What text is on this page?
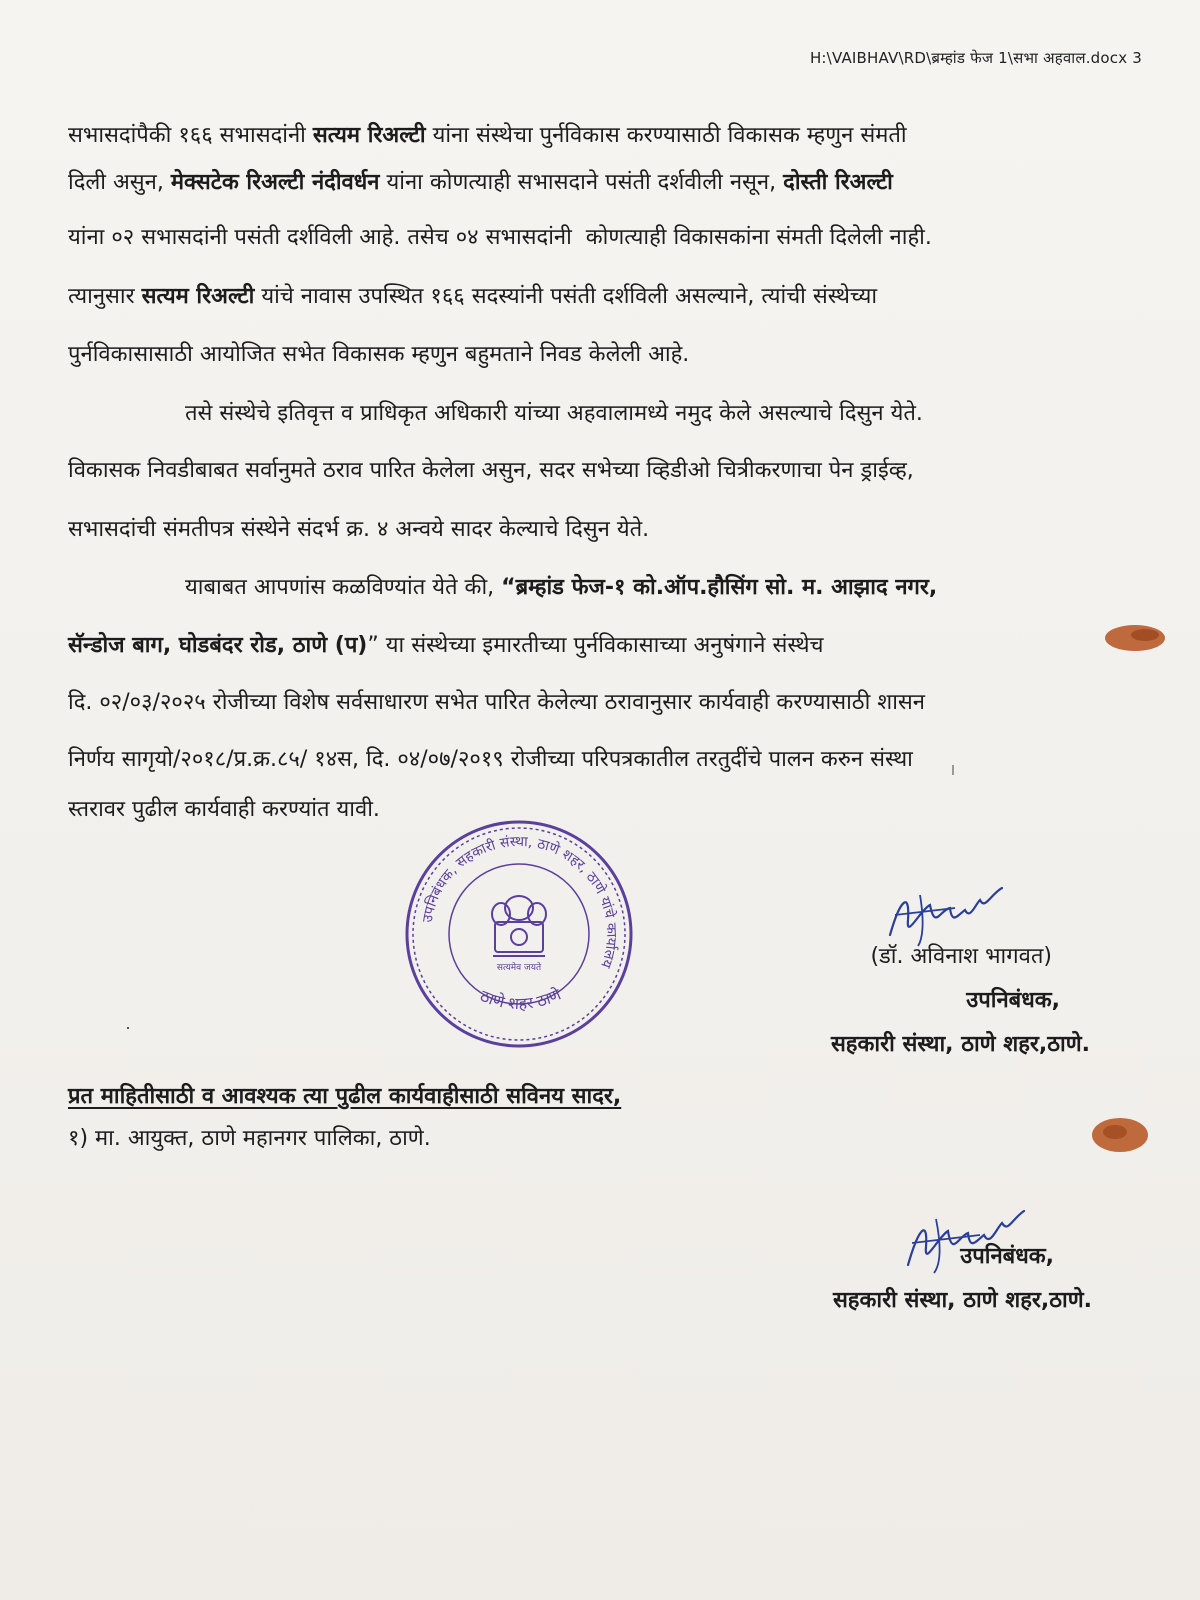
H:\VAIBHAV\RD\ब्रम्हांड फेज 1\सभा अहवाल.docx 3
सभासदांपैकी १६६ सभासदांनी सत्यम रिअल्टी यांना संस्थेचा पुर्नविकास करण्यासाठी विकासक म्हणुन संमती
दिली असुन, मेक्सटेक रिअल्टी नंदीवर्धन यांना कोणत्याही सभासदाने पसंती दर्शवीली नसून, दोस्ती रिअल्टी
यांना ०२ सभासदांनी पसंती दर्शविली आहे. तसेच ०४ सभासदांनी  कोणत्याही विकासकांना संमती दिलेली नाही.
त्यानुसार सत्यम रिअल्टी यांचे नावास उपस्थित १६६ सदस्यांनी पसंती दर्शविली असल्याने, त्यांची संस्थेच्या
पुर्नविकासासाठी आयोजित सभेत विकासक म्हणुन बहुमताने निवड केलेली आहे.
तसे संस्थेचे इतिवृत्त व प्राधिकृत अधिकारी यांच्या अहवालामध्ये नमुद केले असल्याचे दिसुन येते.
विकासक निवडीबाबत सर्वानुमते ठराव पारित केलेला असुन, सदर सभेच्या व्हिडीओ चित्रीकरणाचा पेन ड्राईव्ह,
सभासदांची संमतीपत्र संस्थेने संदर्भ क्र. ४ अन्वये सादर केल्याचे दिसुन येते.
याबाबत आपणांस कळविण्यांत येते की, “ब्रम्हांड फेज-१ को.ऑप.हौसिंग सो. म. आझाद नगर,
सॅन्डोज बाग, घोडबंदर रोड, ठाणे (प)” या संस्थेच्या इमारतीच्या पुर्नविकासाच्या अनुषंगाने संस्थेच
दि. ०२/०३/२०२५ रोजीच्या विशेष सर्वसाधारण सभेत पारित केलेल्या ठरावानुसार कार्यवाही करण्यासाठी शासन
निर्णय सागृयो/२०१८/प्र.क्र.८५/ १४स, दि. ०४/०७/२०१९ रोजीच्या परिपत्रकातील तरतुदींचे पालन करुन संस्था
स्तरावर पुढील कार्यवाही करण्यांत यावी.
उपनिबंधक, सहकारी संस्था, ठाणे शहर, ठाणे यांचे कार्यालय
ठाणे शहर ठाणे
सत्यमेव जयते	(डॉ. अविनाश भागवत)
उपनिबंधक,
सहकारी संस्था, ठाणे शहर,ठाणे.
प्रत माहितीसाठी व आवश्यक त्या पुढील कार्यवाहीसाठी सविनय सादर,
१) मा. आयुक्त, ठाणे महानगर पालिका, ठाणे.
उपनिबंधक,
सहकारी संस्था, ठाणे शहर,ठाणे.
